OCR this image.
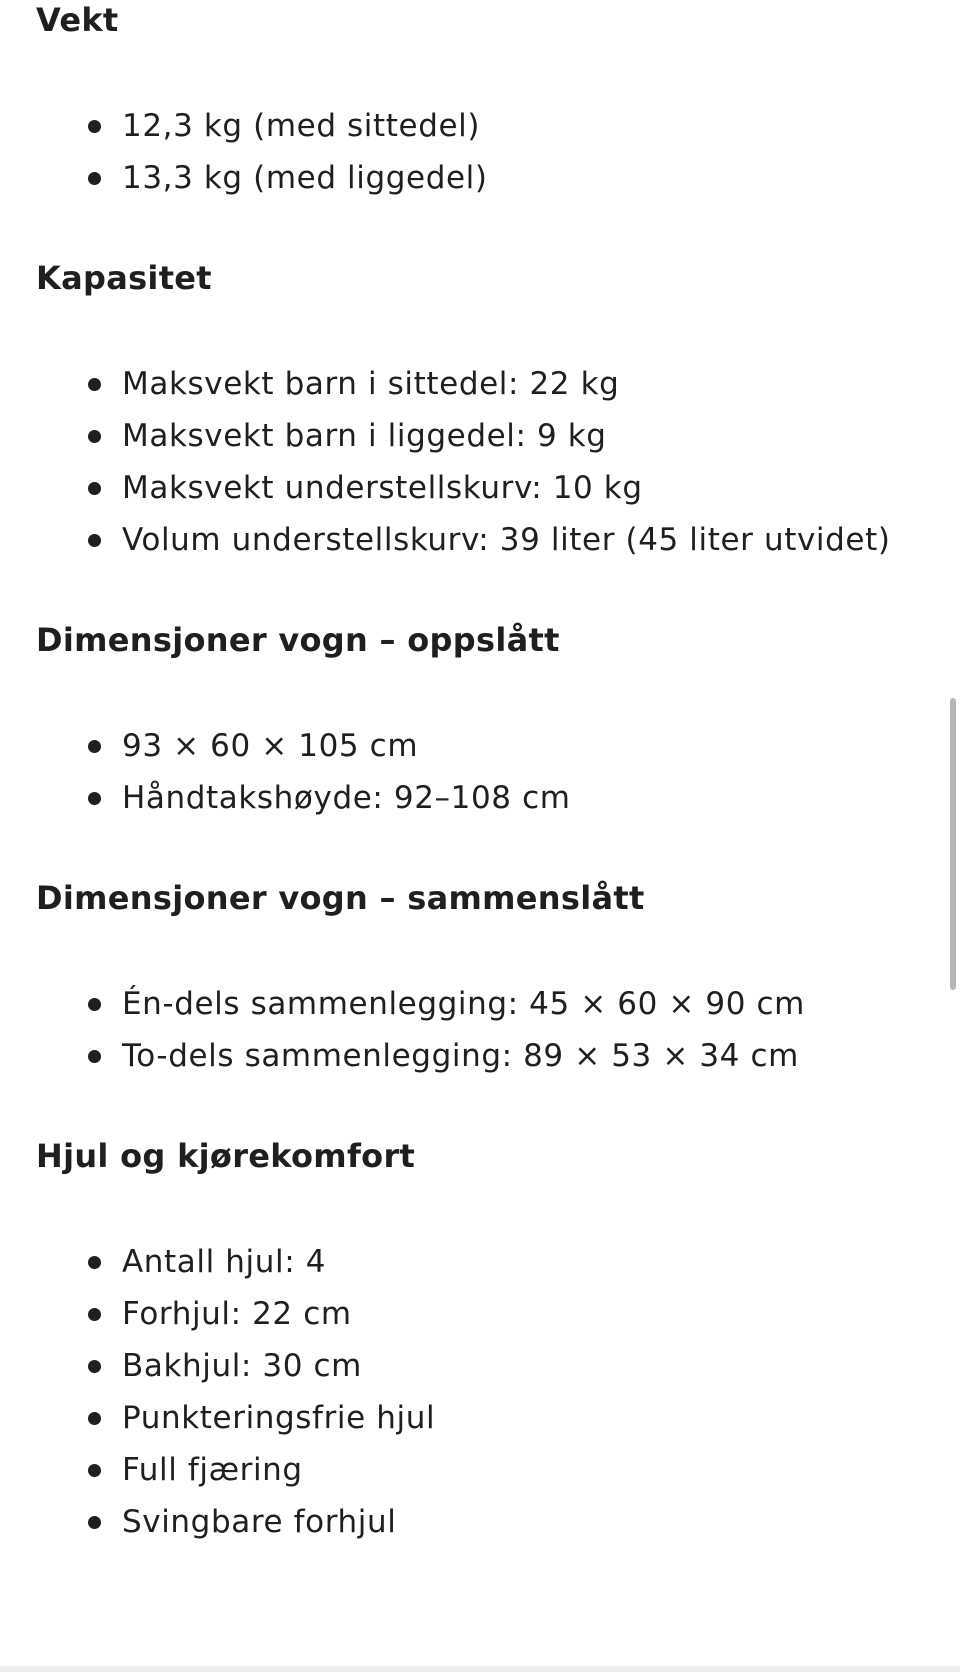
Vekt
12,3 kg (med sittedel)
13,3 kg (med liggedel)
Kapasitet
Maksvekt barn i sittedel: 22 kg
Maksvekt barn i liggedel: 9 kg
Maksvekt understellskurv: 10 kg
Volum understellskurv: 39 liter (45 liter utvidet)
Dimensjoner vogn – oppslått
93 × 60 × 105 cm
Håndtakshøyde: 92–108 cm
Dimensjoner vogn – sammenslått
Én-dels sammenlegging: 45 × 60 × 90 cm
To-dels sammenlegging: 89 × 53 × 34 cm
Hjul og kjørekomfort
Antall hjul: 4
Forhjul: 22 cm
Bakhjul: 30 cm
Punkteringsfrie hjul
Full fjæring
Svingbare forhjul
